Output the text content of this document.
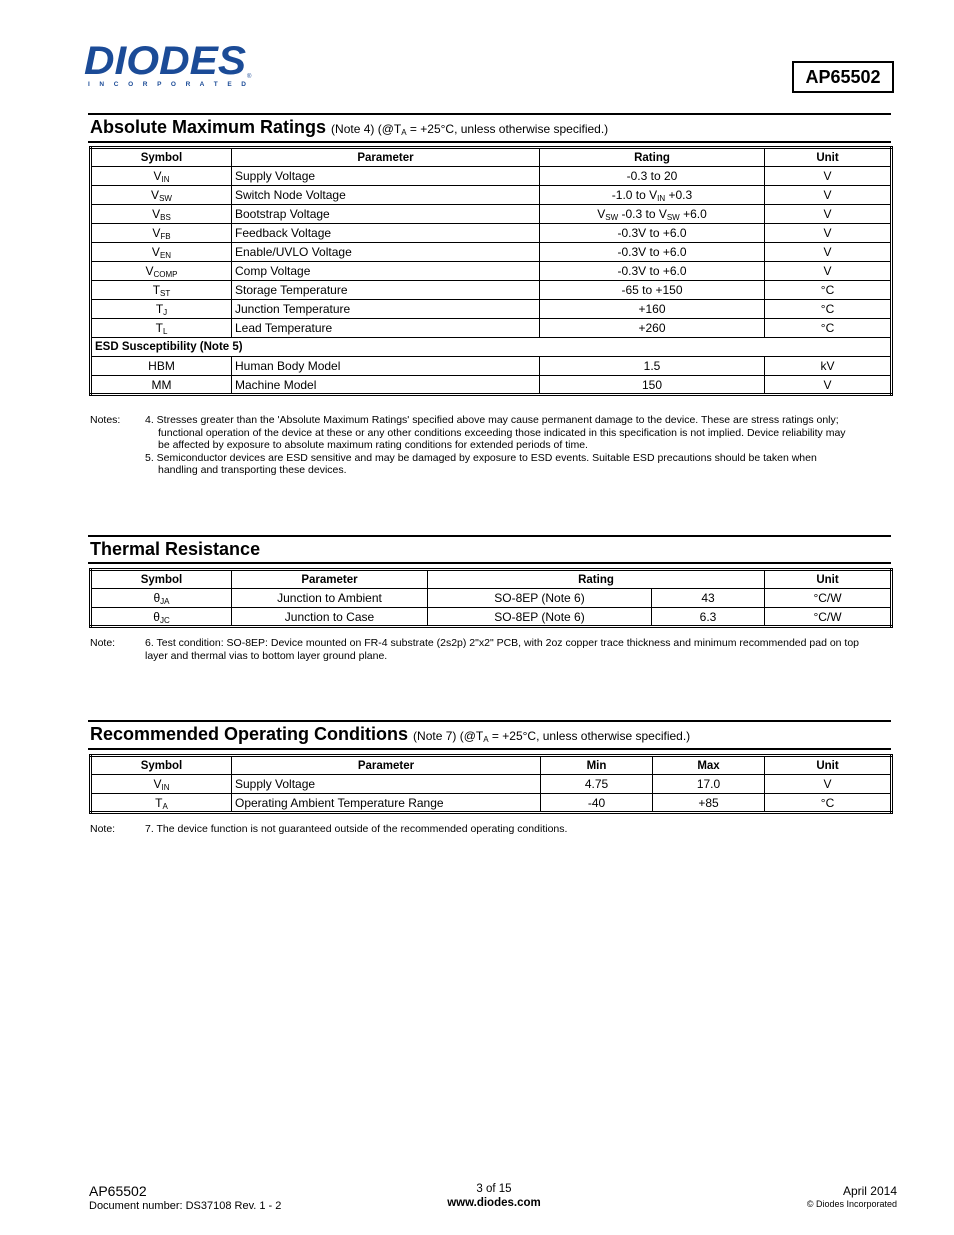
DIODES
I N C O R P O R A T E D
®	AP65502
Absolute Maximum Ratings (Note 4) ($@T_A = +25^\circ C$, unless otherwise specified.)
Symbol	Parameter	Rating	Unit
$V_{IN}$	Supply Voltage	-0.3 to 20	V
$V_{SW}$	Switch Node Voltage	-1.0 to $V_{IN} +0.3$	V
$V_{BS}$	Bootstrap Voltage	$V_{SW}$ -0.3 to $V_{SW} +6.0$	V
$V_{FB}$	Feedback Voltage	-0.3V to +6.0	V
$V_{EN}$	Enable/UVLO Voltage	-0.3V to +6.0	V
$V_{COMP}$	Comp Voltage	-0.3V to +6.0	V
$T_{ST}$	Storage Temperature	-65 to +150	°C
$T_J$	Junction Temperature	+160	°C
$T_L$	Lead Temperature	+260	°C
ESD Susceptibility (Note 5)			
HBM	Human Body Model	1.5	kV
MM	Machine Model	150	V
Notes: 4. Stresses greater than the 'Absolute Maximum Ratings' specified above may cause permanent damage to the device. These are stress ratings only;
functional operation of the device at these or any other conditions exceeding those indicated in this specification is not implied. Device reliability may
be affected by exposure to absolute maximum rating conditions for extended periods of time.
5. Semiconductor devices are ESD sensitive and may be damaged by exposure to ESD events. Suitable ESD precautions should be taken when
handling and transporting these devices.
Thermal Resistance
Symbol	Parameter	Rating		Unit
$\theta_{JA}$	Junction to Ambient	SO-8EP (Note 6)	43	°C/W
$\theta_{JC}$	Junction to Case	SO-8EP (Note 6)	6.3	°C/W
Note:	6. Test condition: SO-8EP: Device mounted on FR-4 substrate (2s2p) 2"x2" PCB, with 2oz copper trace thickness and minimum recommended pad on top
layer and thermal vias to bottom layer ground plane.
Recommended Operating Conditions (Note 7) ($@T_A = +25^\circ C$, unless otherwise specified.)
Symbol	Parameter	Min	Max	Unit
$V_{IN}$	Supply Voltage	4.75	17.0	V
$T_A$	Operating Ambient Temperature Range	-40	+85	°C
Note:	7. The device function is not guaranteed outside of the recommended operating conditions.
AP65502
Document number: DS37108 Rev. 1 - 2
3 of 15
www.diodes.com
April 2014
© Diodes Incorporated
